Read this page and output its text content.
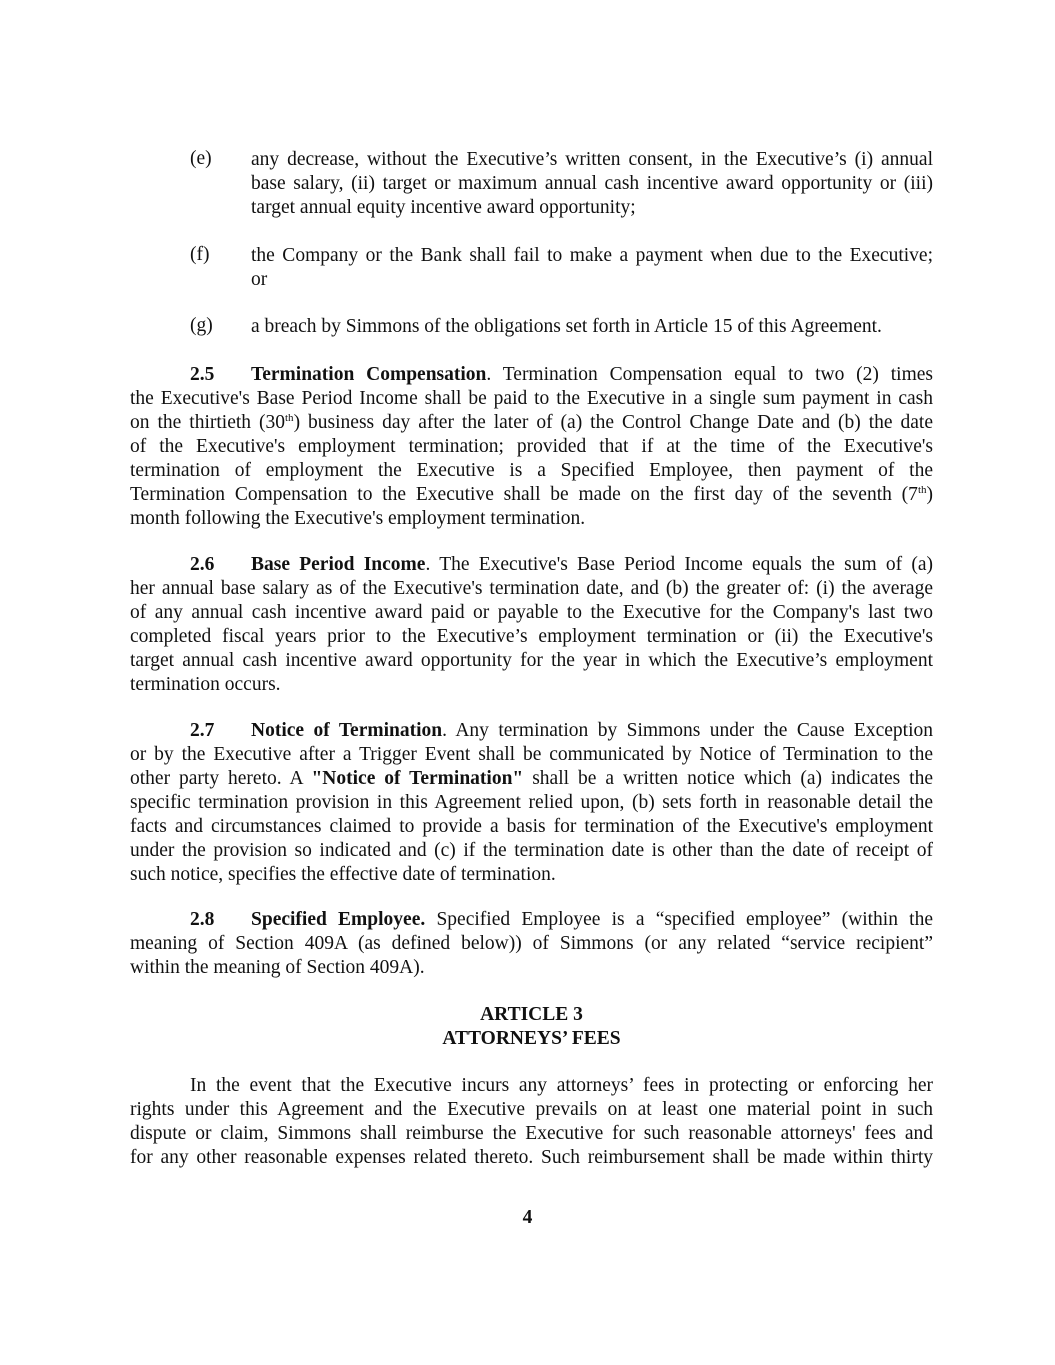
(e) any decrease, without the Executive’s written consent, in the Executive’s (i) annual
base salary, (ii) target or maximum annual cash incentive award opportunity or (iii)
target annual equity incentive award opportunity;
(f) the Company or the Bank shall fail to make a payment when due to the Executive;
or
(g) a breach by Simmons of the obligations set forth in Article 15 of this Agreement.
2.5	Termination Compensation. Termination Compensation equal to two (2) times
the Executive's Base Period Income shall be paid to the Executive in a single sum payment in cash
on the thirtieth (30th) business day after the later of (a) the Control Change Date and (b) the date
of the Executive's employment termination; provided that if at the time of the Executive's
termination of employment the Executive is a Specified Employee, then payment of the
Termination Compensation to the Executive shall be made on the first day of the seventh (7th)
month following the Executive's employment termination.
2.6	Base Period Income. The Executive's Base Period Income equals the sum of (a)
her annual base salary as of the Executive's termination date, and (b) the greater of: (i) the average
of any annual cash incentive award paid or payable to the Executive for the Company's last two
completed fiscal years prior to the Executive’s employment termination or (ii) the Executive's
target annual cash incentive award opportunity for the year in which the Executive’s employment
termination occurs.
2.7	Notice of Termination. Any termination by Simmons under the Cause Exception
or by the Executive after a Trigger Event shall be communicated by Notice of Termination to the
other party hereto. A "Notice of Termination" shall be a written notice which (a) indicates the
specific termination provision in this Agreement relied upon, (b) sets forth in reasonable detail the
facts and circumstances claimed to provide a basis for termination of the Executive's employment
under the provision so indicated and (c) if the termination date is other than the date of receipt of
such notice, specifies the effective date of termination.
2.8	Specified Employee. Specified Employee is a “specified employee” (within the
meaning of Section 409A (as defined below)) of Simmons (or any related “service recipient”
within the meaning of Section 409A).
ARTICLE 3
ATTORNEYS’ FEES
In the event that the Executive incurs any attorneys’ fees in protecting or enforcing her
rights under this Agreement and the Executive prevails on at least one material point in such
dispute or claim, Simmons shall reimburse the Executive for such reasonable attorneys' fees and
for any other reasonable expenses related thereto. Such reimbursement shall be made within thirty
4
